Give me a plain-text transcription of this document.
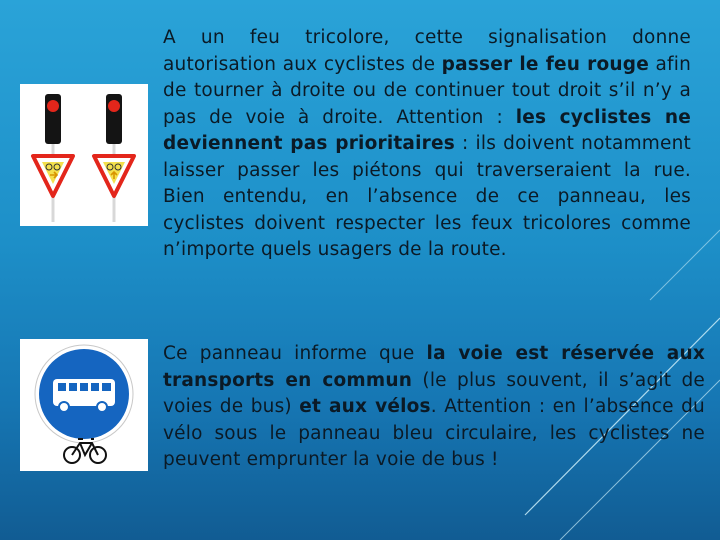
A un feu tricolore, cette signalisation donne autorisation aux cyclistes de passer le feu rouge afin de tourner à droite ou de continuer tout droit s’il n’y a pas de voie à droite. Attention : les cyclistes ne deviennent pas prioritaires : ils doivent notamment laisser passer les piétons qui traverseraient la rue. Bien entendu, en l’absence de ce panneau, les cyclistes doivent respecter les feux tricolores comme n’importe quels usagers de la route.

Ce panneau informe que la voie est réservée aux transports en commun (le plus souvent, il s’agit de voies de bus) et aux vélos. Attention : en l’absence du vélo sous le panneau bleu circulaire, les cyclistes ne peuvent emprunter la voie de bus !
